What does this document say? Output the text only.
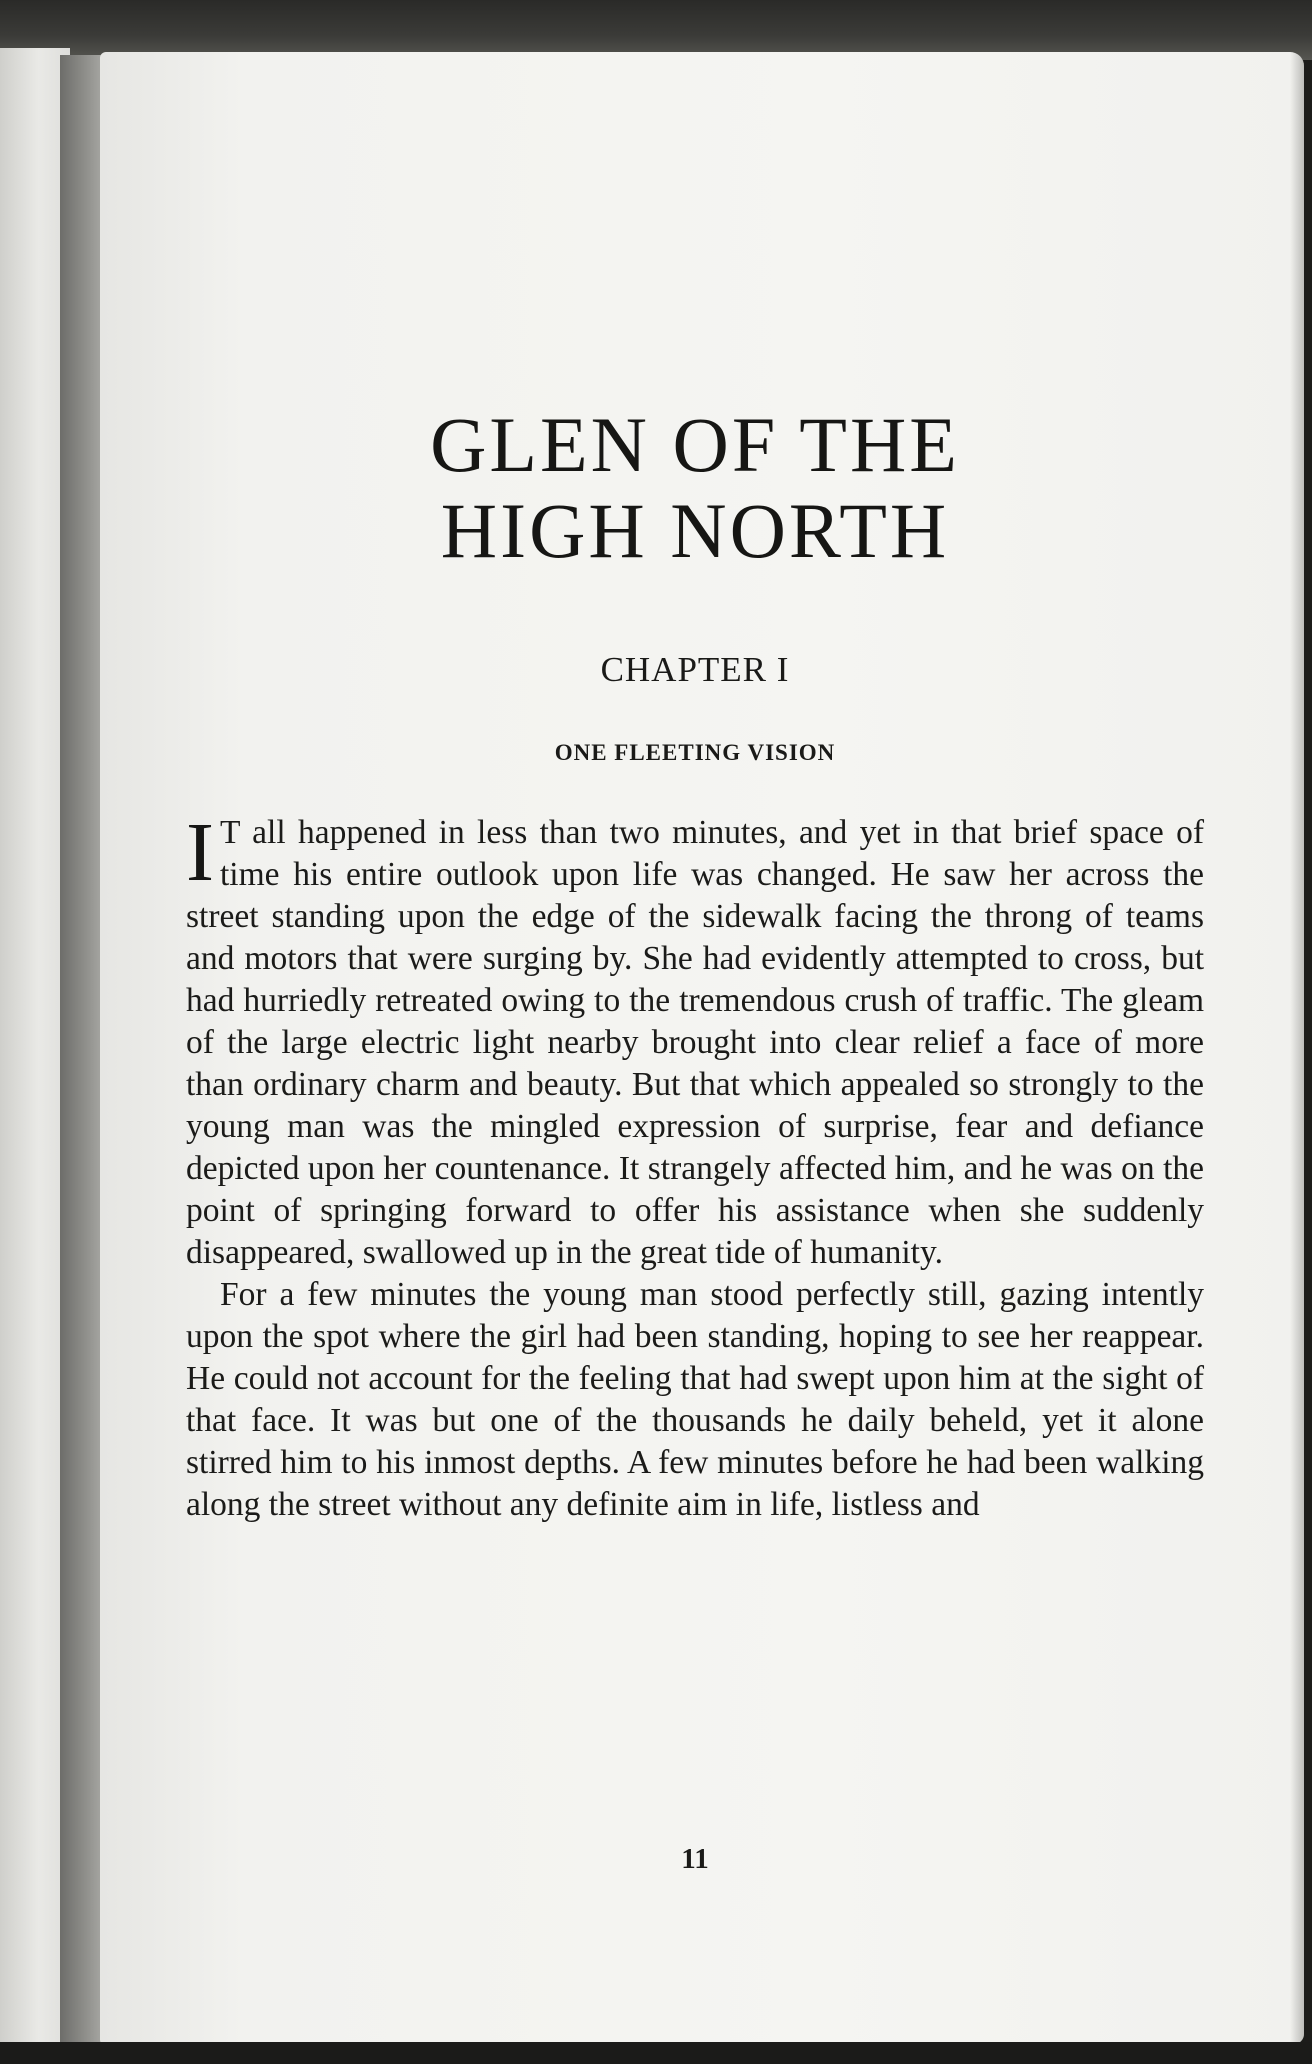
GLEN OF THE
HIGH NORTH
CHAPTER I
ONE FLEETING VISION

I T all happened in less than two minutes, and yet in that brief space of time his entire outlook upon life was changed. He saw her across the street standing upon the edge of the sidewalk facing the throng of teams and motors that were surging by. She had evidently attempted to cross, but had hurriedly retreated owing to the tremendous crush of traffic. The gleam of the large electric light nearby brought into clear relief a face of more than ordinary charm and beauty. But that which appealed so strongly to the young man was the mingled expression of surprise, fear and defiance depicted upon her countenance. It strangely affected him, and he was on the point of springing forward to offer his assistance when she suddenly disappeared, swallowed up in the great tide of humanity.

For a few minutes the young man stood perfectly still, gazing intently upon the spot where the girl had been standing, hoping to see her reappear. He could not account for the feeling that had swept upon him at the sight of that face. It was but one of the thousands he daily beheld, yet it alone stirred him to his inmost depths. A few minutes before he had been walking along the street without any definite aim in life, listless and

11
